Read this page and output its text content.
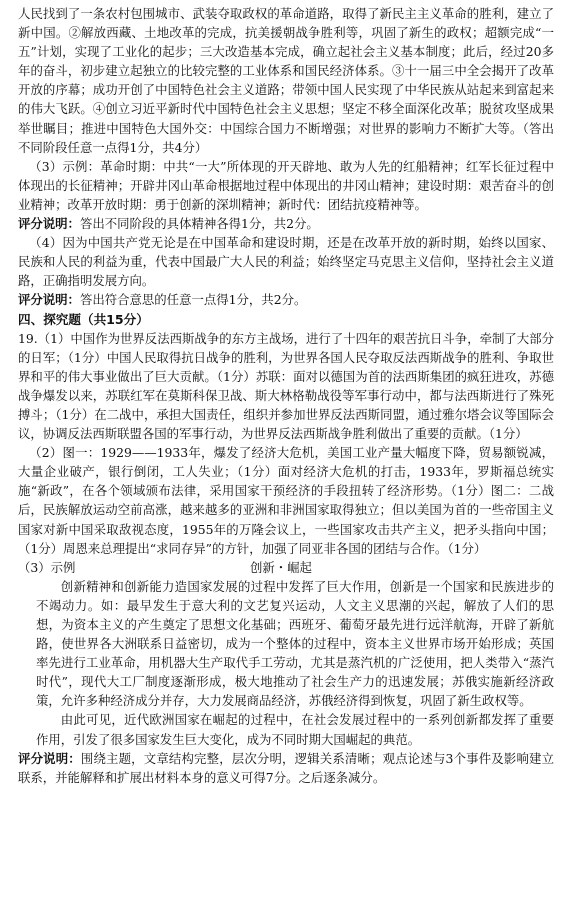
人民找到了一条农村包围城市、武装夺取政权的革命道路，取得了新民主主义革命的胜利，建立了新中国。②解放西藏、土地改革的完成，抗美援朝战争胜利等，巩固了新生的政权；超额完成“一五”计划，实现了工业化的起步；三大改造基本完成，确立起社会主义基本制度；此后，经过20多年的奋斗，初步建立起独立的比较完整的工业体系和国民经济体系。③十一届三中全会揭开了改革开放的序幕；成功开创了中国特色社会主义道路；带领中国人民实现了中华民族从站起来到富起来的伟大飞跃。④创立习近平新时代中国特色社会主义思想；坚定不移全面深化改革；脱贫攻坚成果举世瞩目；推进中国特色大国外交：中国综合国力不断增强；对世界的影响力不断扩大等。（答出不同阶段任意一点得1分，共4分）

（3）示例：革命时期：中共“一大”所体现的开天辟地、敢为人先的红船精神；红军长征过程中体现出的长征精神；开辟井冈山革命根据地过程中体现出的井冈山精神；建设时期：艰苦奋斗的创业精神；改革开放时期：勇于创新的深圳精神；新时代：团结抗疫精神等。

评分说明：答出不同阶段的具体精神各得1分，共2分。

（4）因为中国共产党无论是在中国革命和建设时期，还是在改革开放的新时期，始终以国家、民族和人民的利益为重，代表中国最广大人民的利益；始终坚定马克思主义信仰，坚持社会主义道路，正确指明发展方向。

评分说明：答出符合意思的任意一点得1分，共2分。

四、探究题（共15分）

19.（1）中国作为世界反法西斯战争的东方主战场，进行了十四年的艰苦抗日斗争，牵制了大部分的日军；（1分）中国人民取得抗日战争的胜利，为世界各国人民夺取反法西斯战争的胜利、争取世界和平的伟大事业做出了巨大贡献。（1分）苏联：面对以德国为首的法西斯集团的疯狂进攻，苏德战争爆发以来，苏联红军在莫斯科保卫战、斯大林格勒战役等军事行动中，都与法西斯进行了殊死搏斗；（1分）在二战中，承担大国责任，组织并参加世界反法西斯同盟，通过雅尔塔会议等国际会议，协调反法西斯联盟各国的军事行动，为世界反法西斯战争胜利做出了重要的贡献。（1分）

（2）图一：1929——1933年，爆发了经济大危机，美国工业产量大幅度下降，贸易额锐减，大量企业破产，银行倒闭，工人失业；（1分）面对经济大危机的打击，1933年，罗斯福总统实施“新政”，在各个领域颁布法律，采用国家干预经济的手段扭转了经济形势。（1分）图二：二战后，民族解放运动空前高涨，越来越多的亚洲和非洲国家取得独立；但以美国为首的一些帝国主义国家对新中国采取敌视态度，1955年的万隆会议上，一些国家攻击共产主义，把矛头指向中国；（1分）周恩来总理提出“求同存异”的方针，加强了同亚非各国的团结与合作。（1分）

（3）示例	创新・崛起

创新精神和创新能力造国家发展的过程中发挥了巨大作用，创新是一个国家和民族进步的不竭动力。如：最早发生于意大利的文艺复兴运动，人文主义思潮的兴起，解放了人们的思想，为资本主义的产生奠定了思想文化基础；西班牙、葡萄牙最先进行远洋航海，开辟了新航路，使世界各大洲联系日益密切，成为一个整体的过程中，资本主义世界市场开始形成；英国率先进行工业革命，用机器大生产取代手工劳动，尤其是蒸汽机的广泛使用，把人类带入“蒸汽时代”，现代大工厂制度逐渐形成，极大地推动了社会生产力的迅速发展；苏俄实施新经济政策，允许多种经济成分并存，大力发展商品经济，苏俄经济得到恢复，巩固了新生政权等。

由此可见，近代欧洲国家在崛起的过程中，在社会发展过程中的一系列创新都发挥了重要作用，引发了很多国家发生巨大变化，成为不同时期大国崛起的典范。

评分说明：围绕主题，文章结构完整，层次分明，逻辑关系清晰；观点论述与3个事件及影响建立联系，并能解释和扩展出材料本身的意义可得7分。之后逐条减分。
